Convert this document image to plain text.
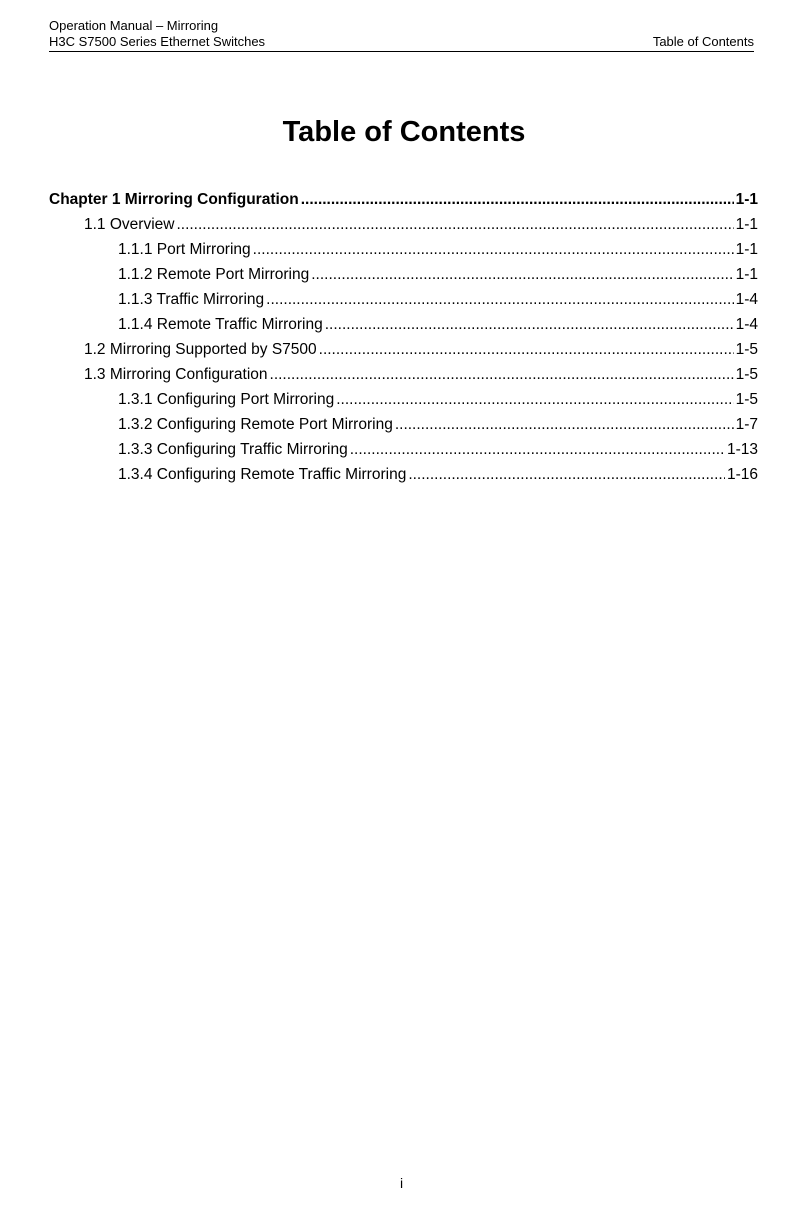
Operation Manual – Mirroring
H3C S7500 Series Ethernet Switches	Table of Contents
Table of Contents
Chapter 1 Mirroring Configuration .....	1-1
1.1 Overview .....	1-1
1.1.1 Port Mirroring .....	1-1
1.1.2 Remote Port Mirroring .....	1-1
1.1.3 Traffic Mirroring .....	1-4
1.1.4 Remote Traffic Mirroring .....	1-4
1.2 Mirroring Supported by S7500 .....	1-5
1.3 Mirroring Configuration .....	1-5
1.3.1 Configuring Port Mirroring .....	1-5
1.3.2 Configuring Remote Port Mirroring .....	1-7
1.3.3 Configuring Traffic Mirroring .....	1-13
1.3.4 Configuring Remote Traffic Mirroring .....	1-16
i
